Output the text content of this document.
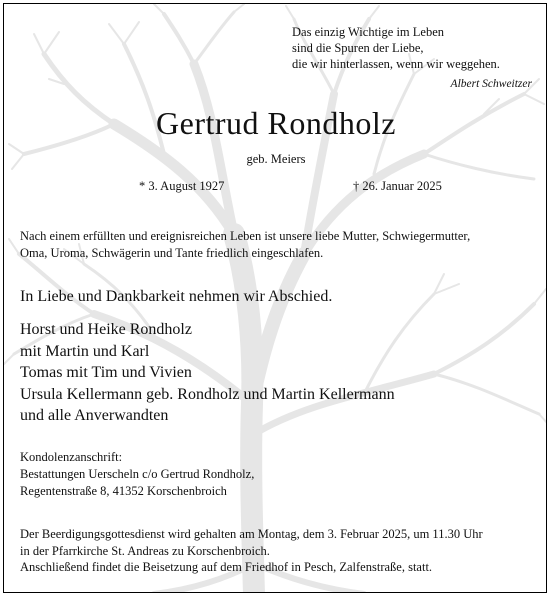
Das einzig Wichtige im Leben
sind die Spuren der Liebe,
die wir hinterlassen, wenn wir weggehen.
Albert Schweitzer
Gertrud Rondholz
geb. Meiers
* 3. August 1927	† 26. Januar 2025
Nach einem erfüllten und ereignisreichen Leben ist unsere liebe Mutter, Schwiegermutter,
Oma, Uroma, Schwägerin und Tante friedlich eingeschlafen.
In Liebe und Dankbarkeit nehmen wir Abschied.
Horst und Heike Rondholz
mit Martin und Karl
Tomas mit Tim und Vivien
Ursula Kellermann geb. Rondholz und Martin Kellermann
und alle Anverwandten
Kondolenzanschrift:
Bestattungen Uerscheln c/o Gertrud Rondholz,
Regentenstraße 8, 41352 Korschenbroich
Der Beerdigungsgottesdienst wird gehalten am Montag, dem 3. Februar 2025, um 11.30 Uhr
in der Pfarrkirche St. Andreas zu Korschenbroich.
Anschließend findet die Beisetzung auf dem Friedhof in Pesch, Zalfenstraße, statt.
